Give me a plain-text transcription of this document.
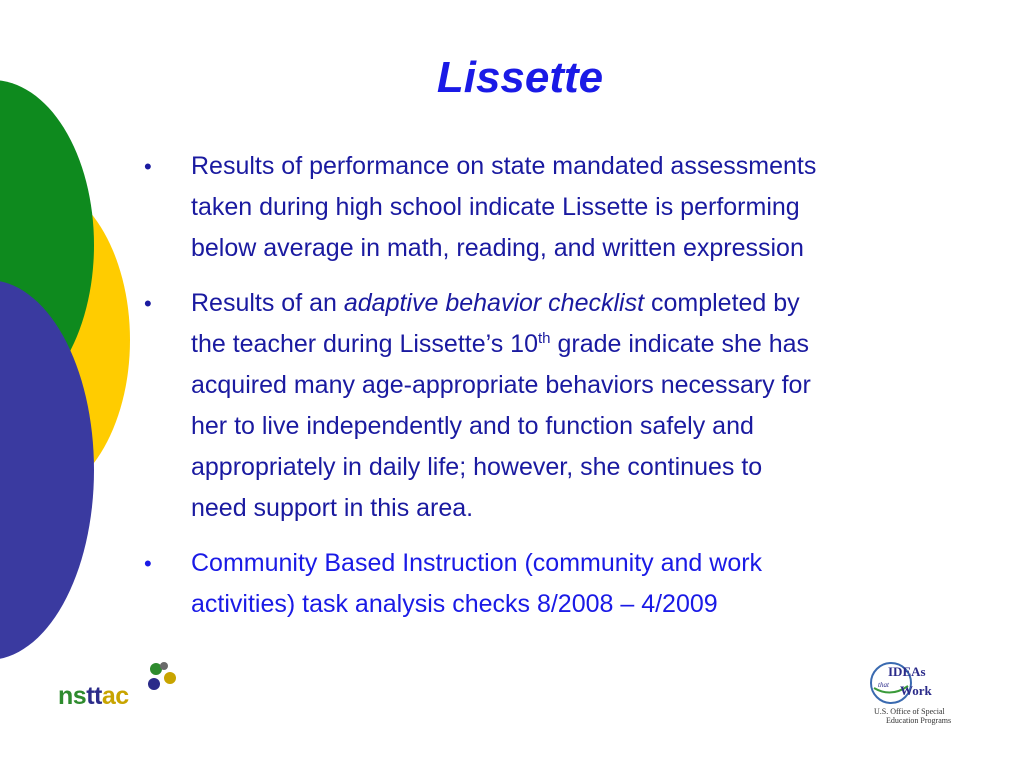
Lissette
• Results of performance on state mandated assessments
taken during high school indicate Lissette is performing
below average in math, reading, and written expression
• Results of an adaptive behavior checklist completed by
the teacher during Lissette’s 10th grade indicate she has
acquired many age-appropriate behaviors necessary for
her to live independently and to function safely and
appropriately in daily life; however, she continues to
need support in this area.
• Community Based Instruction (community and work
activities) task analysis checks 8/2008 – 4/2009
nsttac
IDEAs
that Work
U.S. Office of Special
Education Programs
